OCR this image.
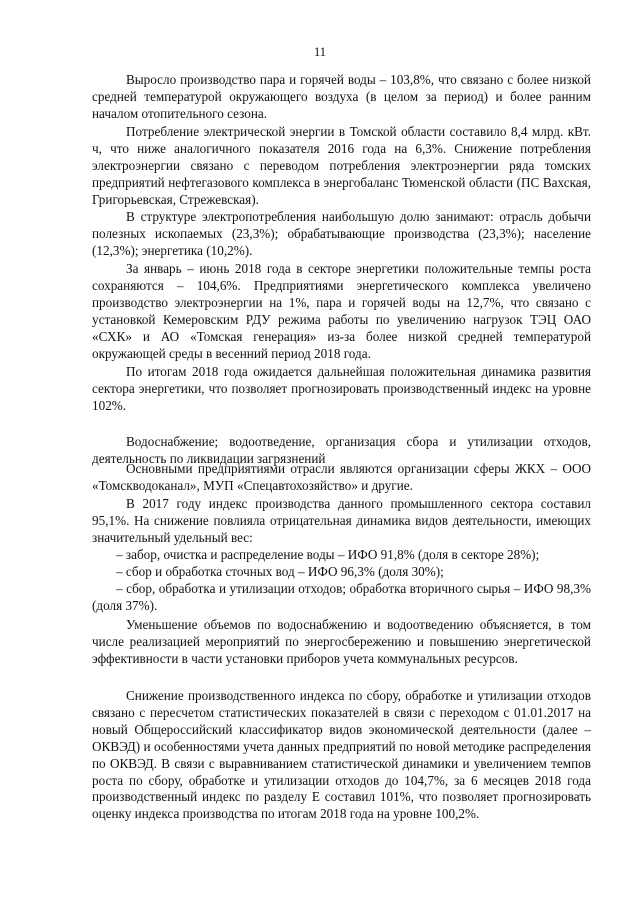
11

Выросло производство пара и горячей воды – 103,8%, что связано с более низкой средней температурой окружающего воздуха (в целом за период) и более ранним началом отопительного сезона.

Потребление электрической энергии в Томской области составило 8,4 млрд. кВт. ч, что ниже аналогичного показателя 2016 года на 6,3%. Снижение потребления электроэнергии связано с переводом потребления электроэнергии ряда томских предприятий нефтегазового комплекса в энергобаланс Тюменской области (ПС Вахская, Григорьевская, Стрежевская).

В структуре электропотребления наибольшую долю занимают: отрасль добычи полезных ископаемых (23,3%); обрабатывающие производства (23,3%); население (12,3%); энергетика (10,2%).

За январь – июнь 2018 года в секторе энергетики положительные темпы роста сохраняются – 104,6%. Предприятиями энергетического комплекса увеличено производство электроэнергии на 1%, пара и горячей воды на 12,7%, что связано с установкой Кемеровским РДУ режима работы по увеличению нагрузок ТЭЦ ОАО «СХК» и АО «Томская генерация» из-за более низкой средней температурой окружающей среды в весенний период 2018 года.

По итогам 2018 года ожидается дальнейшая положительная динамика развития сектора энергетики, что позволяет прогнозировать производственный индекс на уровне 102%.

Водоснабжение; водоотведение, организация сбора и утилизации отходов, деятельность по ликвидации загрязнений

Основными предприятиями отрасли являются организации сферы ЖКХ – ООО «Томскводоканал», МУП «Спецавтохозяйство» и другие.

В 2017 году индекс производства данного промышленного сектора составил 95,1%. На снижение повлияла отрицательная динамика видов деятельности, имеющих значительный удельный вес:

– забор, очистка и распределение воды – ИФО 91,8% (доля в секторе 28%);

– сбор и обработка сточных вод – ИФО 96,3% (доля 30%);

– сбор, обработка и утилизации отходов; обработка вторичного сырья – ИФО 98,3% (доля 37%).

Уменьшение объемов по водоснабжению и водоотведению объясняется, в том числе реализацией мероприятий по энергосбережению и повышению энергетической эффективности в части установки приборов учета коммунальных ресурсов.

Снижение производственного индекса по сбору, обработке и утилизации отходов связано с пересчетом статистических показателей в связи с переходом с 01.01.2017 на новый Общероссийский классификатор видов экономической деятельности (далее – ОКВЭД) и особенностями учета данных предприятий по новой методике распределения по ОКВЭД. В связи с выравниванием статистической динамики и увеличением темпов роста по сбору, обработке и утилизации отходов до 104,7%, за 6 месяцев 2018 года производственный индекс по разделу Е составил 101%, что позволяет прогнозировать оценку индекса производства по итогам 2018 года на уровне 100,2%.
